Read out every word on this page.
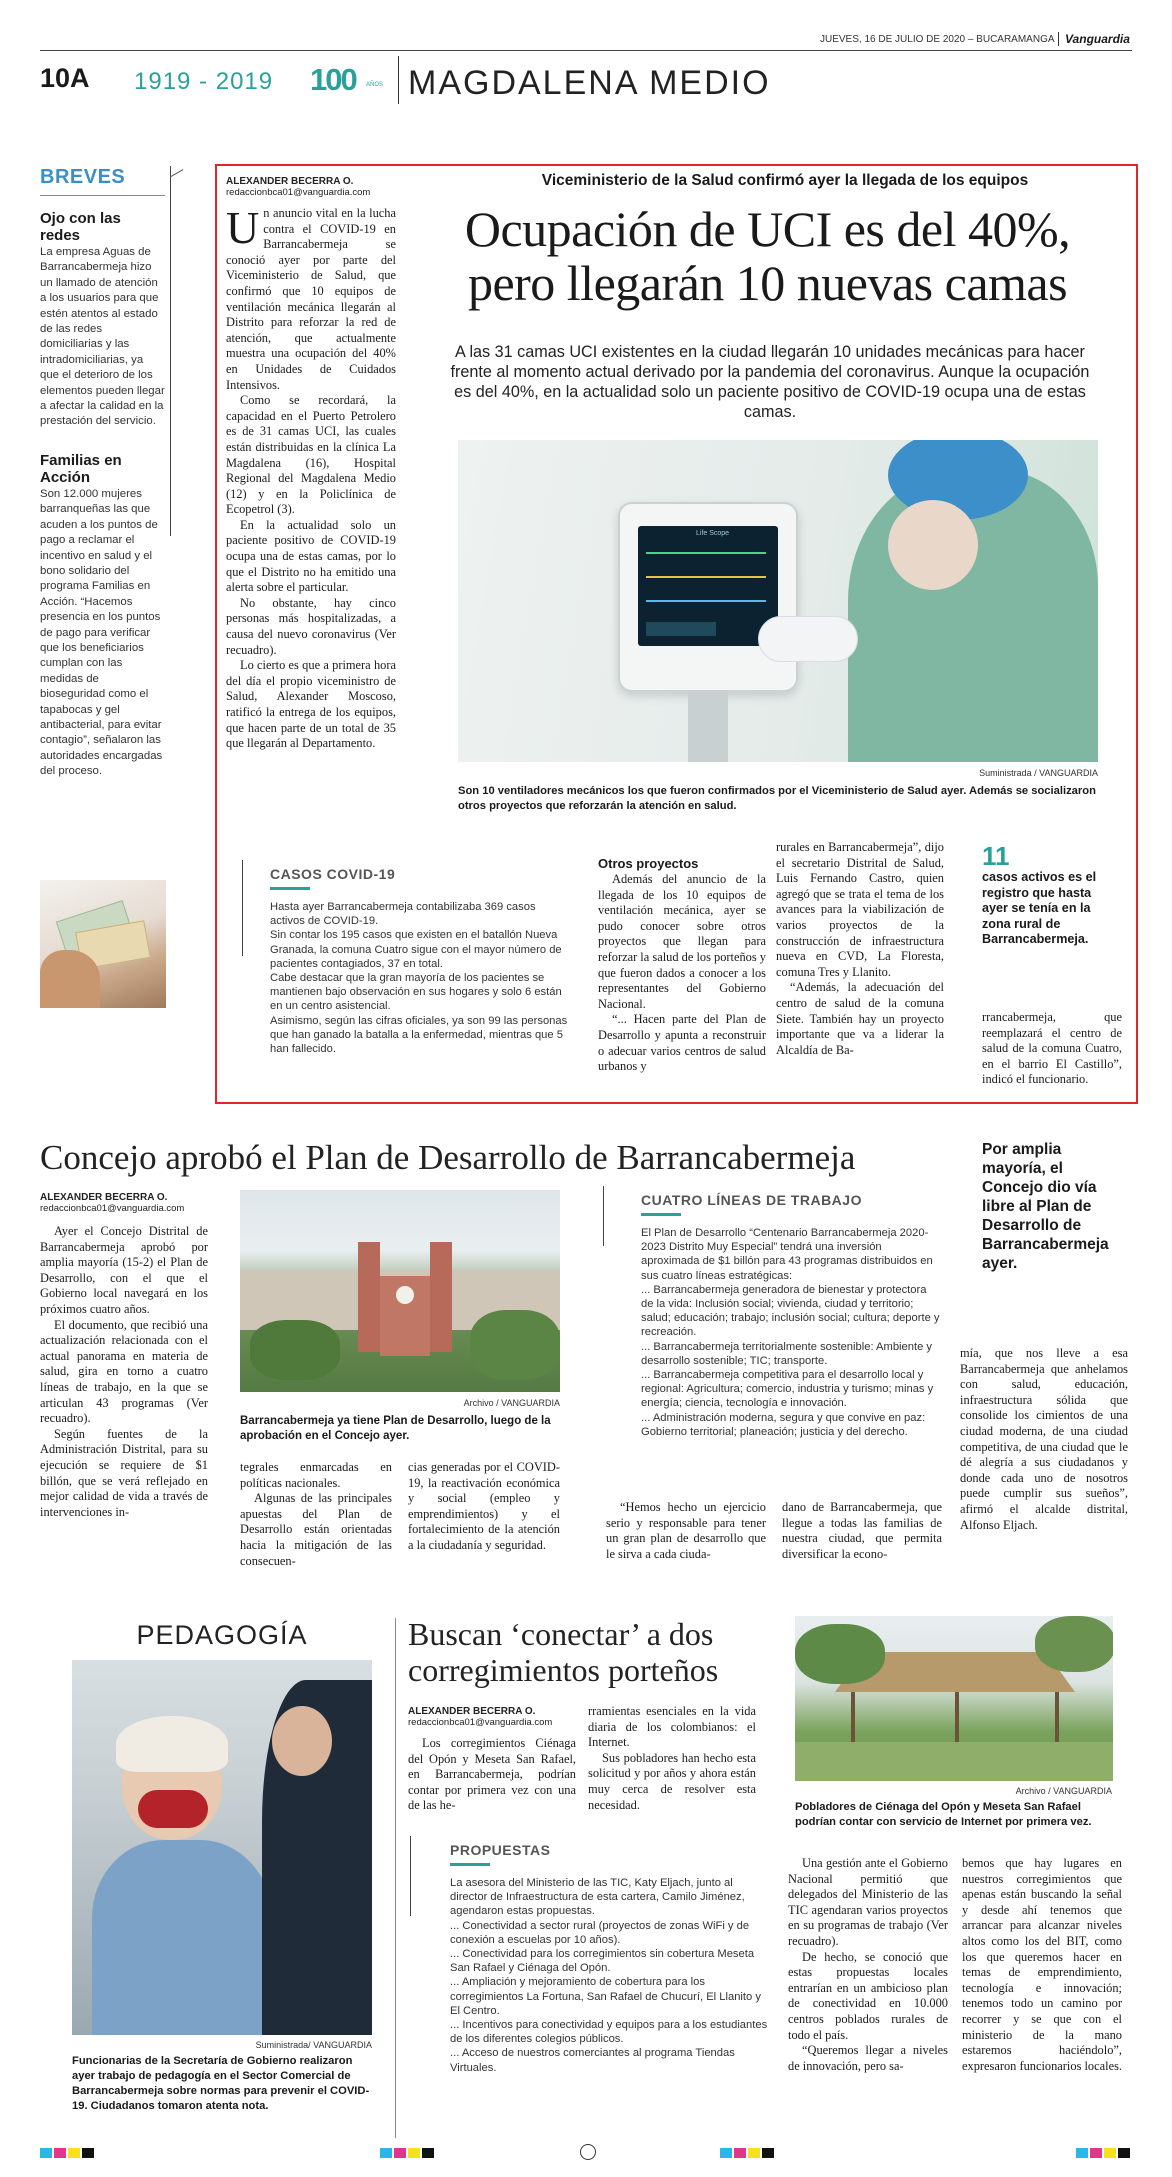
JUEVES, 16 DE JULIO DE 2020 – BUCARAMANGA Vanguardia
10A 1919 - 2019 100 AÑOS MAGDALENA MEDIO
BREVES
Ojo con las redes
La empresa Aguas de Barrancabermeja hizo un llamado de atención a los usuarios para que estén atentos al estado de las redes domiciliarias y las intradomiciliarias, ya que el deterioro de los elementos pueden llegar a afectar la calidad en la prestación del servicio.
Familias en Acción
Son 12.000 mujeres barranqueñas las que acuden a los puntos de pago a reclamar el incentivo en salud y el bono solidario del programa Familias en Acción. “Hacemos presencia en los puntos de pago para verificar que los beneficiarios cumplan con las medidas de bioseguridad como el tapabocas y gel antibacterial, para evitar contagio”, señalaron las autoridades encargadas del proceso.
ALEXANDER BECERRA O.
redaccionbca01@vanguardia.com
Viceministerio de la Salud confirmó ayer la llegada de los equipos
Ocupación de UCI es del 40%,
pero llegarán 10 nuevas camas
A las 31 camas UCI existentes en la ciudad llegarán 10 unidades mecánicas para hacer frente al momento actual derivado por la pandemia del coronavirus. Aunque la ocupación es del 40%, en la actualidad solo un paciente positivo de COVID-19 ocupa una de estas camas.

Un anuncio vital en la lucha contra el COVID-19 en Barrancabermeja se conoció ayer por parte del Viceministerio de Salud, que confirmó que 10 equipos de ventilación mecánica llegarán al Distrito para reforzar la red de atención, que actualmente muestra una ocupación del 40% en Unidades de Cuidados Intensivos.

Como se recordará, la capacidad en el Puerto Petrolero es de 31 camas UCI, las cuales están distribuidas en la clínica La Magdalena (16), Hospital Regional del Magdalena Medio (12) y en la Policlínica de Ecopetrol (3).

En la actualidad solo un paciente positivo de COVID-19 ocupa una de estas camas, por lo que el Distrito no ha emitido una alerta sobre el particular.

No obstante, hay cinco personas más hospitalizadas, a causa del nuevo coronavirus (Ver recuadro).

Lo cierto es que a primera hora del día el propio viceministro de Salud, Alexander Moscoso, ratificó la entrega de los equipos, que hacen parte de un total de 35 que llegarán al Departamento.

Life Scope
Suministrada / VANGUARDIA
Son 10 ventiladores mecánicos los que fueron confirmados por el Viceministerio de Salud ayer. Además se socializaron otros proyectos que reforzarán la atención en salud.
Otros proyectos

Además del anuncio de la llegada de los 10 equipos de ventilación mecánica, ayer se pudo conocer sobre otros proyectos que llegan para reforzar la salud de los porteños y que fueron dados a conocer a los representantes del Gobierno Nacional.

“... Hacen parte del Plan de Desarrollo y apunta a reconstruir o adecuar varios centros de salud urbanos y

rurales en Barrancabermeja”, dijo el secretario Distrital de Salud, Luis Fernando Castro, quien agregó que se trata el tema de los avances para la viabilización de varios proyectos de la construcción de infraestructura nueva en CVD, La Floresta, comuna Tres y Llanito.

“Además, la adecuación del centro de salud de la comuna Siete. También hay un proyecto importante que va a liderar la Alcaldía de Ba-

11
casos activos es el registro que hasta ayer se tenía en la zona rural de Barrancabermeja.

rrancabermeja, que reemplazará el centro de salud de la comuna Cuatro, en el barrio El Castillo”, indicó el funcionario.

CASOS COVID-19
Hasta ayer Barrancabermeja contabilizaba 369 casos activos de COVID-19.
Sin contar los 195 casos que existen en el batallón Nueva Granada, la comuna Cuatro sigue con el mayor número de pacientes contagiados, 37 en total.
Cabe destacar que la gran mayoría de los pacientes se mantienen bajo observación en sus hogares y solo 6 están en un centro asistencial.
Asimismo, según las cifras oficiales, ya son 99 las personas que han ganado la batalla a la enfermedad, mientras que 5 han fallecido.
Concejo aprobó el Plan de Desarrollo de Barrancabermeja
ALEXANDER BECERRA O.
redaccionbca01@vanguardia.com

Ayer el Concejo Distrital de Barrancabermeja aprobó por amplia mayoría (15-2) el Plan de Desarrollo, con el que el Gobierno local navegará en los próximos cuatro años.

El documento, que recibió una actualización relacionada con el actual panorama en materia de salud, gira en torno a cuatro líneas de trabajo, en la que se articulan 43 programas (Ver recuadro).

Según fuentes de la Administración Distrital, para su ejecución se requiere de $1 billón, que se verá reflejado en mejor calidad de vida a través de intervenciones in-

Archivo / VANGUARDIA
Barrancabermeja ya tiene Plan de Desarrollo, luego de la aprobación en el Concejo ayer.

tegrales enmarcadas en políticas nacionales.

Algunas de las principales apuestas del Plan de Desarrollo están orientadas hacia la mitigación de las consecuen-

cias generadas por el COVID-19, la reactivación económica y social (empleo y emprendimientos) y el fortalecimiento de la atención a la ciudadanía y seguridad.

CUATRO LÍNEAS DE TRABAJO
El Plan de Desarrollo “Centenario Barrancabermeja 2020-2023 Distrito Muy Especial” tendrá una inversión aproximada de $1 billón para 43 programas distribuidos en sus cuatro líneas estratégicas:
... Barrancabermeja generadora de bienestar y protectora de la vida: Inclusión social; vivienda, ciudad y territorio; salud; educación; trabajo; inclusión social; cultura; deporte y recreación.
... Barrancabermeja territorialmente sostenible: Ambiente y desarrollo sostenible; TIC; transporte.
... Barrancabermeja competitiva para el desarrollo local y regional: Agricultura; comercio, industria y turismo; minas y energía; ciencia, tecnología e innovación.
... Administración moderna, segura y que convive en paz: Gobierno territorial; planeación; justicia y del derecho.

“Hemos hecho un ejercicio serio y responsable para tener un gran plan de desarrollo que le sirva a cada ciuda-

dano de Barrancabermeja, que llegue a todas las familias de nuestra ciudad, que permita diversificar la econo-

Por amplia mayoría, el Concejo dio vía libre al Plan de Desarrollo de Barrancabermeja ayer.

mía, que nos lleve a esa Barrancabermeja que anhelamos con salud, educación, infraestructura sólida que consolide los cimientos de una ciudad moderna, de una ciudad competitiva, de una ciudad que le dé alegría a sus ciudadanos y donde cada uno de nosotros puede cumplir sus sueños”, afirmó el alcalde distrital, Alfonso Eljach.

PEDAGOGÍA
Suministrada/ VANGUARDIA
Funcionarias de la Secretaría de Gobierno realizaron ayer trabajo de pedagogía en el Sector Comercial de Barrancabermeja sobre normas para prevenir el COVID-19. Ciudadanos tomaron atenta nota.
Buscan ‘conectar’ a dos
corregimientos porteños
ALEXANDER BECERRA O.
redaccionbca01@vanguardia.com

Los corregimientos Ciénaga del Opón y Meseta San Rafael, en Barrancabermeja, podrían contar por primera vez con una de las he-

rramientas esenciales en la vida diaria de los colombianos: el Internet.

Sus pobladores han hecho esta solicitud y por años y ahora están muy cerca de resolver esta necesidad.

Archivo / VANGUARDIA
Pobladores de Ciénaga del Opón y Meseta San Rafael podrían contar con servicio de Internet por primera vez.
PROPUESTAS
La asesora del Ministerio de las TIC, Katy Eljach, junto al director de Infraestructura de esta cartera, Camilo Jiménez, agendaron estas propuestas.
... Conectividad a sector rural (proyectos de zonas WiFi y de conexión a escuelas por 10 años).
... Conectividad para los corregimientos sin cobertura Meseta San Rafael y Ciénaga del Opón.
... Ampliación y mejoramiento de cobertura para los corregimientos La Fortuna, San Rafael de Chucurí, El Llanito y El Centro.
... Incentivos para conectividad y equipos para a los estudiantes de los diferentes colegios públicos.
... Acceso de nuestros comerciantes al programa Tiendas Virtuales.

Una gestión ante el Gobierno Nacional permitió que delegados del Ministerio de las TIC agendaran varios proyectos en su programas de trabajo (Ver recuadro).

De hecho, se conoció que estas propuestas locales entrarían en un ambicioso plan de conectividad en 10.000 centros poblados rurales de todo el país.

“Queremos llegar a niveles de innovación, pero sa-

bemos que hay lugares en nuestros corregimientos que apenas están buscando la señal y desde ahí tenemos que arrancar para alcanzar niveles altos como los del BIT, como los que queremos hacer en temas de emprendimiento, tecnología e innovación; tenemos todo un camino por recorrer y se que con el ministerio de la mano estaremos haciéndolo”, expresaron funcionarios locales.
